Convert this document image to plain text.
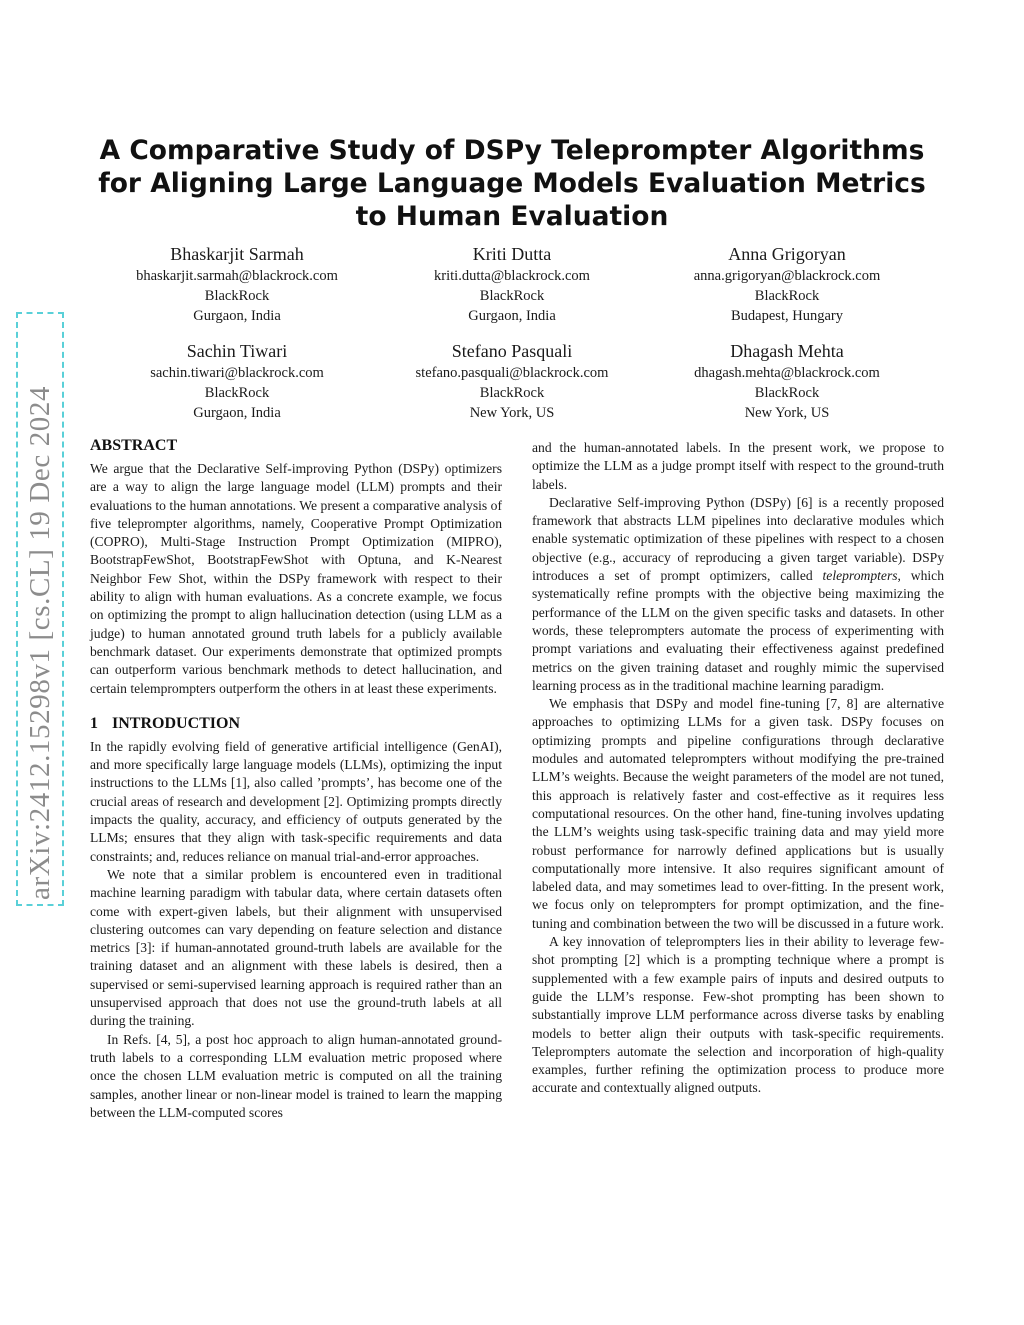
arXiv:2412.15298v1 [cs.CL] 19 Dec 2024
A Comparative Study of DSPy Teleprompter Algorithms for Aligning Large Language Models Evaluation Metrics to Human Evaluation
Bhaskarjit Sarmah
bhaskarjit.sarmah@blackrock.com
BlackRock
Gurgaon, India
Kriti Dutta
kriti.dutta@blackrock.com
BlackRock
Gurgaon, India
Anna Grigoryan
anna.grigoryan@blackrock.com
BlackRock
Budapest, Hungary
Sachin Tiwari
sachin.tiwari@blackrock.com
BlackRock
Gurgaon, India
Stefano Pasquali
stefano.pasquali@blackrock.com
BlackRock
New York, US
Dhagash Mehta
dhagash.mehta@blackrock.com
BlackRock
New York, US
ABSTRACT

We argue that the Declarative Self-improving Python (DSPy) optimizers are a way to align the large language model (LLM) prompts and their evaluations to the human annotations. We present a comparative analysis of five teleprompter algorithms, namely, Cooperative Prompt Optimization (COPRO), Multi-Stage Instruction Prompt Optimization (MIPRO), BootstrapFewShot, BootstrapFewShot with Optuna, and K-Nearest Neighbor Few Shot, within the DSPy framework with respect to their ability to align with human evaluations. As a concrete example, we focus on optimizing the prompt to align hallucination detection (using LLM as a judge) to human annotated ground truth labels for a publicly available benchmark dataset. Our experiments demonstrate that optimized prompts can outperform various benchmark methods to detect hallucination, and certain telemprompters outperform the others in at least these experiments.

1 INTRODUCTION

In the rapidly evolving field of generative artificial intelligence (GenAI), and more specifically large language models (LLMs), optimizing the input instructions to the LLMs [1], also called ’prompts’, has become one of the crucial areas of research and development [2]. Optimizing prompts directly impacts the quality, accuracy, and efficiency of outputs generated by the LLMs; ensures that they align with task-specific requirements and data constraints; and, reduces reliance on manual trial-and-error approaches.

We note that a similar problem is encountered even in traditional machine learning paradigm with tabular data, where certain datasets often come with expert-given labels, but their alignment with unsupervised clustering outcomes can vary depending on feature selection and distance metrics [3]: if human-annotated ground-truth labels are available for the training dataset and an alignment with these labels is desired, then a supervised or semi-supervised learning approach is required rather than an unsupervised approach that does not use the ground-truth labels at all during the training.

In Refs. [4, 5], a post hoc approach to align human-annotated ground-truth labels to a corresponding LLM evaluation metric proposed where once the chosen LLM evaluation metric is computed on all the training samples, another linear or non-linear model is trained to learn the mapping between the LLM-computed scores

and the human-annotated labels. In the present work, we propose to optimize the LLM as a judge prompt itself with respect to the ground-truth labels.

Declarative Self-improving Python (DSPy) [6] is a recently proposed framework that abstracts LLM pipelines into declarative modules which enable systematic optimization of these pipelines with respect to a chosen objective (e.g., accuracy of reproducing a given target variable). DSPy introduces a set of prompt optimizers, called teleprompters, which systematically refine prompts with the objective being maximizing the performance of the LLM on the given specific tasks and datasets. In other words, these teleprompters automate the process of experimenting with prompt variations and evaluating their effectiveness against predefined metrics on the given training dataset and roughly mimic the supervised learning process as in the traditional machine learning paradigm.

We emphasis that DSPy and model fine-tuning [7, 8] are alternative approaches to optimizing LLMs for a given task. DSPy focuses on optimizing prompts and pipeline configurations through declarative modules and automated teleprompters without modifying the pre-trained LLM’s weights. Because the weight parameters of the model are not tuned, this approach is relatively faster and cost-effective as it requires less computational resources. On the other hand, fine-tuning involves updating the LLM’s weights using task-specific training data and may yield more robust performance for narrowly defined applications but is usually computationally more intensive. It also requires significant amount of labeled data, and may sometimes lead to over-fitting. In the present work, we focus only on teleprompters for prompt optimization, and the fine-tuning and combination between the two will be discussed in a future work.

A key innovation of teleprompters lies in their ability to leverage few-shot prompting [2] which is a prompting technique where a prompt is supplemented with a few example pairs of inputs and desired outputs to guide the LLM’s response. Few-shot prompting has been shown to substantially improve LLM performance across diverse tasks by enabling models to better align their outputs with task-specific requirements. Teleprompters automate the selection and incorporation of high-quality examples, further refining the optimization process to produce more accurate and contextually aligned outputs.
